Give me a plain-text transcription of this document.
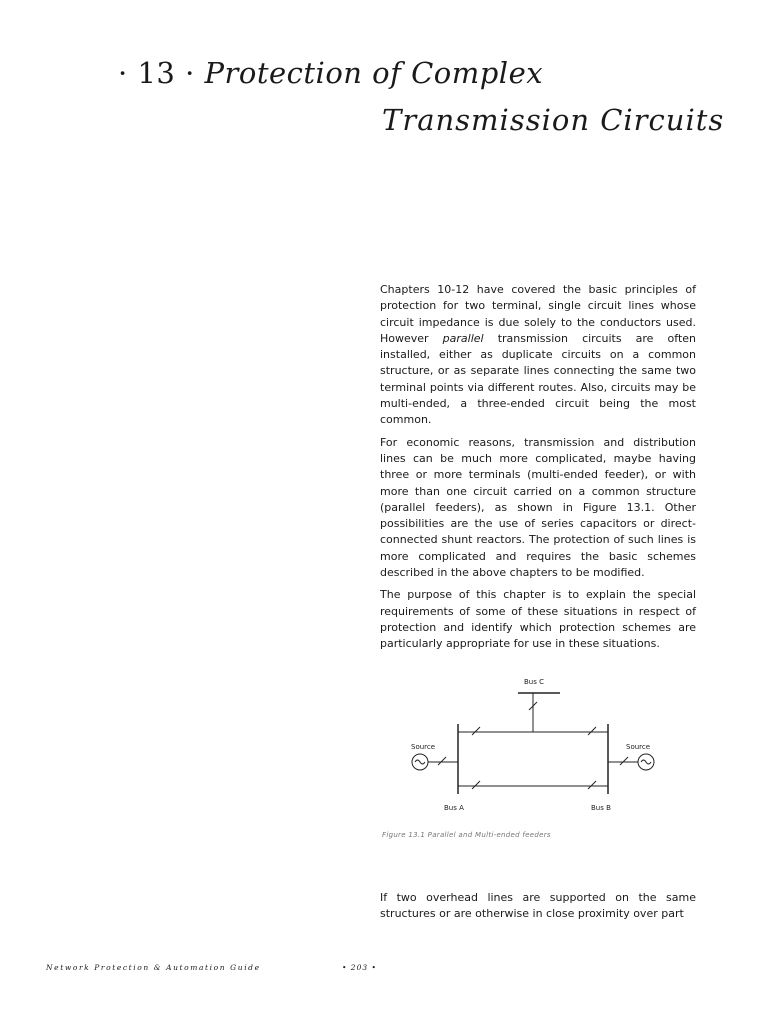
· 13 · Protection of Complex
Transmission Circuits

Chapters 10-12 have covered the basic principles of protection for two terminal, single circuit lines whose circuit impedance is due solely to the conductors used. However parallel transmission circuits are often installed, either as duplicate circuits on a common structure, or as separate lines connecting the same two terminal points via different routes. Also, circuits may be multi-ended, a three-ended circuit being the most common.

For economic reasons, transmission and distribution lines can be much more complicated, maybe having three or more terminals (multi-ended feeder), or with more than one circuit carried on a common structure (parallel feeders), as shown in Figure 13.1. Other possibilities are the use of series capacitors or direct-connected shunt reactors. The protection of such lines is more complicated and requires the basic schemes described in the above chapters to be modified.

The purpose of this chapter is to explain the special requirements of some of these situations in respect of protection and identify which protection schemes are particularly appropriate for use in these situations.

Bus C
Source	Source
Bus A	Bus B
Figure 13.1 Parallel and Multi-ended feeders

If two overhead lines are supported on the same structures or are otherwise in close proximity over part

Network Protection & Automation Guide	• 203 •
